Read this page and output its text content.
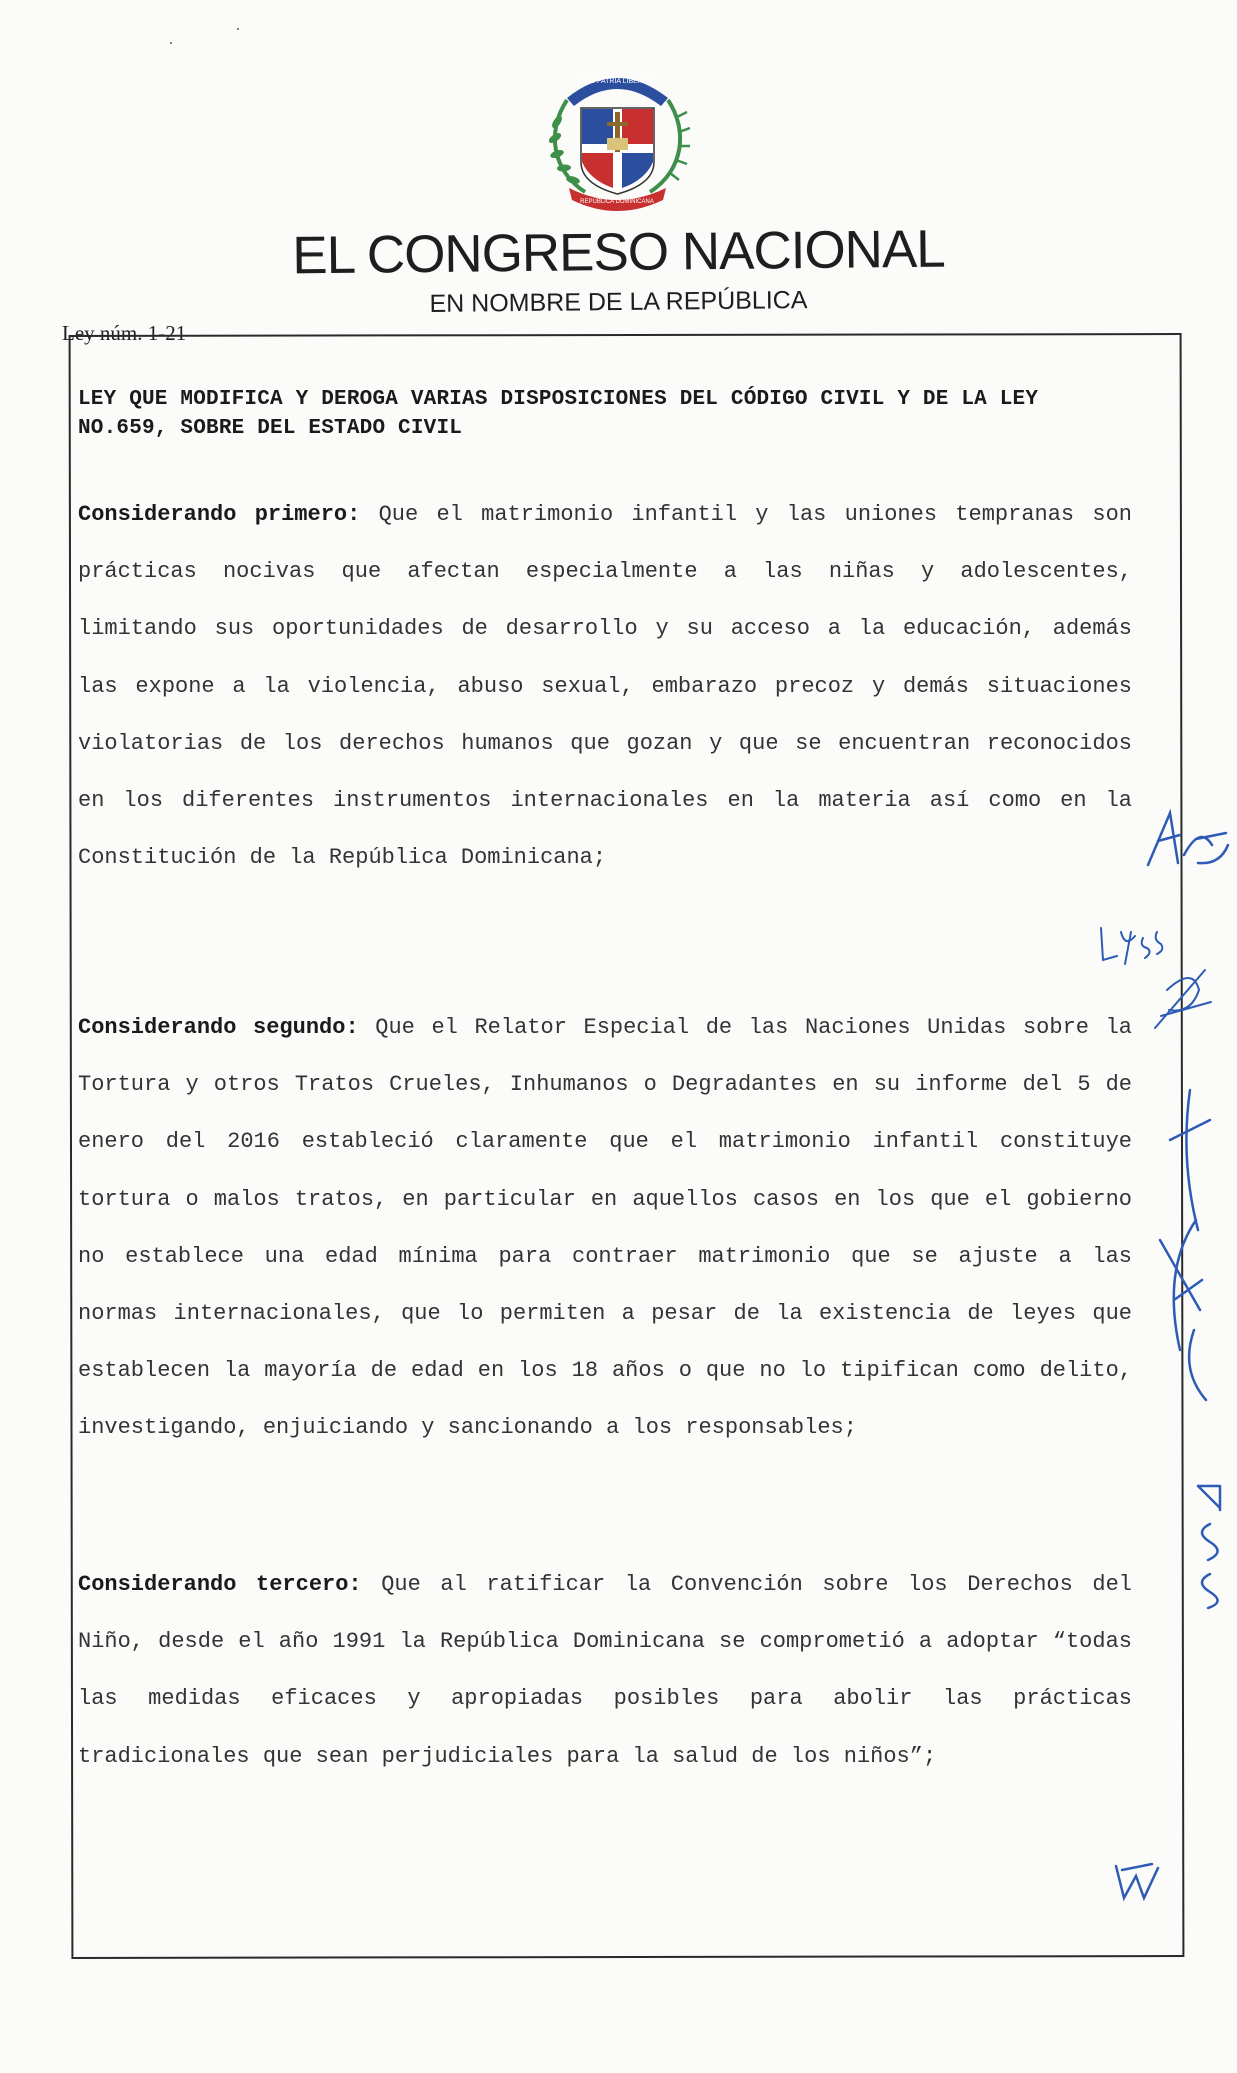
DIOS PATRIA LIBERTAD
REPÚBLICA DOMINICANA
EL CONGRESO NACIONAL
EN NOMBRE DE LA REPÚBLICA
Ley núm. 1-21
LEY QUE MODIFICA Y DEROGA VARIAS DISPOSICIONES DEL CÓDIGO CIVIL Y DE LA LEY NO.659, SOBRE DEL ESTADO CIVIL

Considerando primero: Que el matrimonio infantil y las uniones tempranas son prácticas nocivas que afectan especialmente a las niñas y adolescentes, limitando sus oportunidades de desarrollo y su acceso a la educación, además las expone a la violencia, abuso sexual, embarazo precoz y demás situaciones violatorias de los derechos humanos que gozan y que se encuentran reconocidos en los diferentes instrumentos internacionales en la materia así como en la Constitución de la República Dominicana;

Considerando segundo: Que el Relator Especial de las Naciones Unidas sobre la Tortura y otros Tratos Crueles, Inhumanos o Degradantes en su informe del 5 de enero del 2016 estableció claramente que el matrimonio infantil constituye tortura o malos tratos, en particular en aquellos casos en los que el gobierno no establece una edad mínima para contraer matrimonio que se ajuste a las normas internacionales, que lo permiten a pesar de la existencia de leyes que establecen la mayoría de edad en los 18 años o que no lo tipifican como delito, investigando, enjuiciando y sancionando a los responsables;

Considerando tercero: Que al ratificar la Convención sobre los Derechos del Niño, desde el año 1991 la República Dominicana se comprometió a adoptar “todas las medidas eficaces y apropiadas posibles para abolir las prácticas tradicionales que sean perjudiciales para la salud de los niños”;
